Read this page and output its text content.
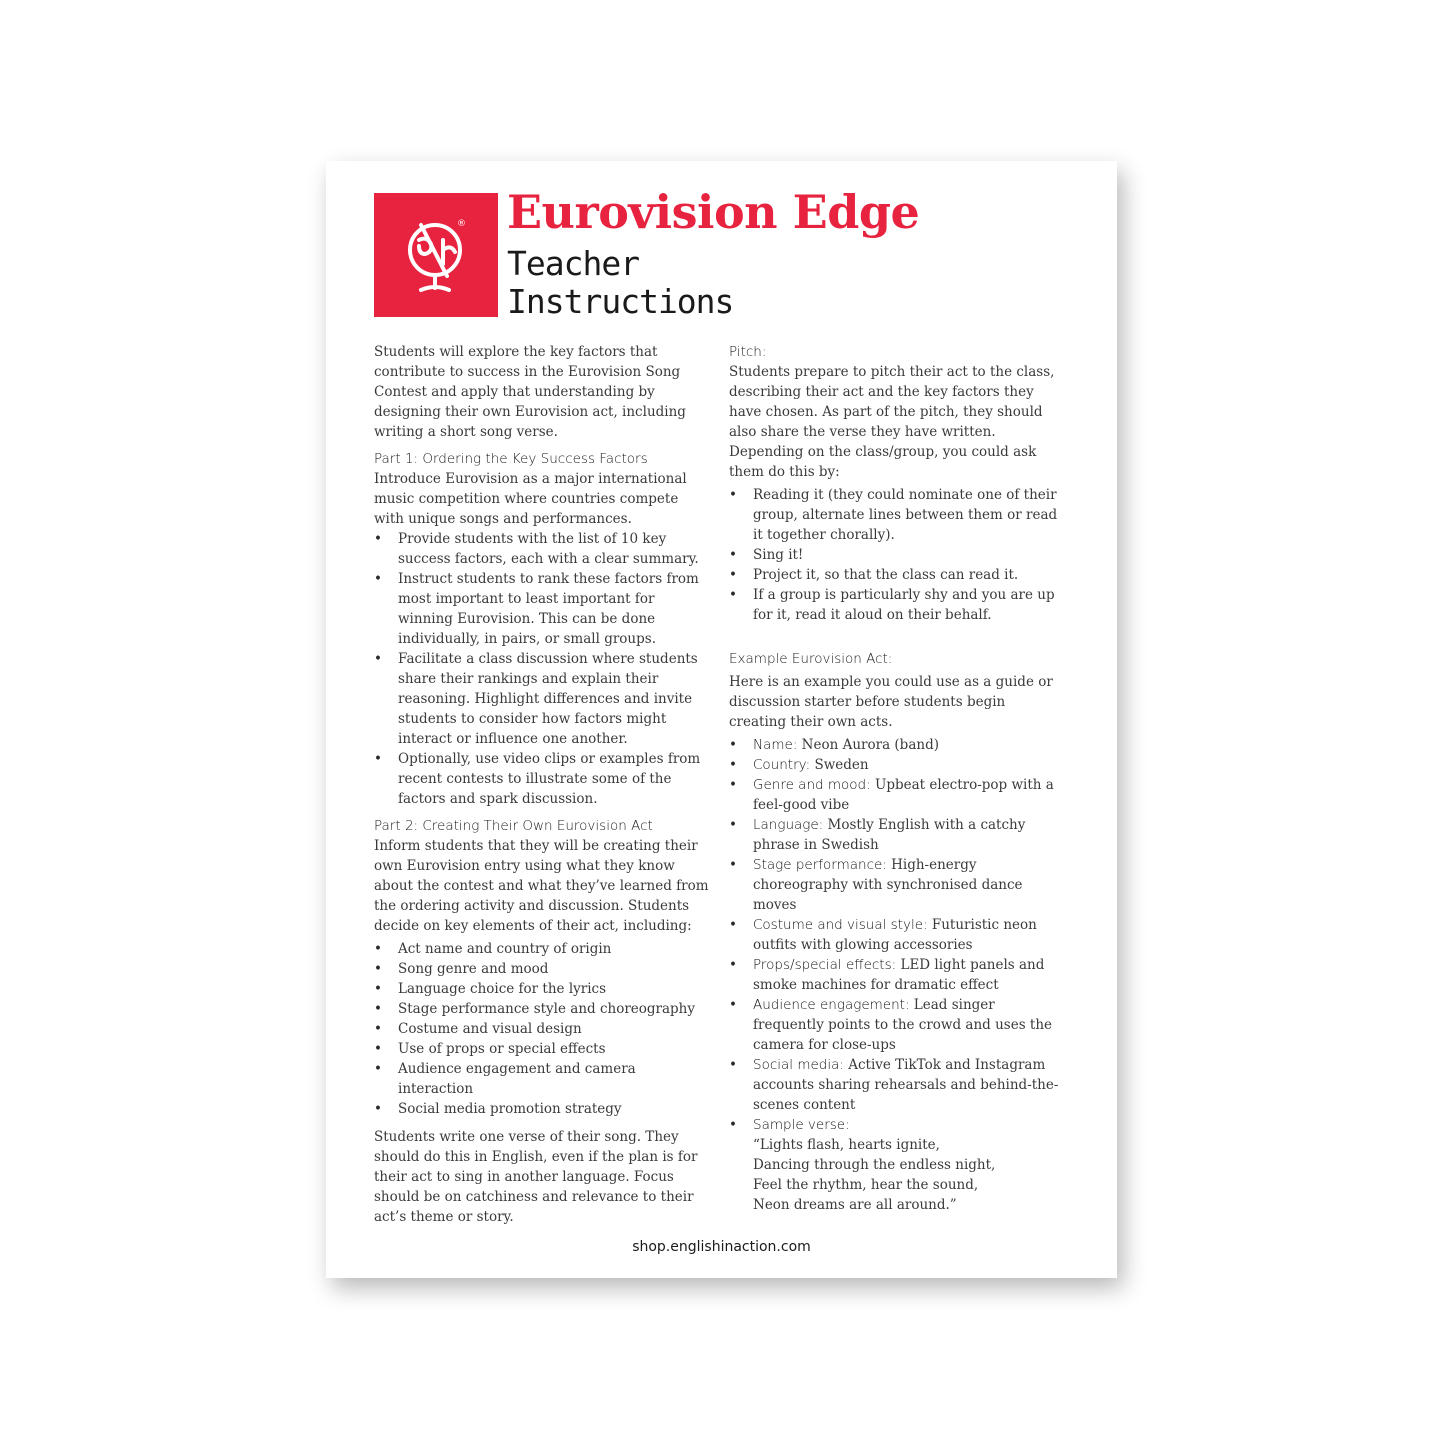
® Eurovision Edge
Teacher
Instructions

Students will explore the key factors that contribute to success in the Eurovision Song Contest and apply that understanding by designing their own Eurovision act, including writing a short song verse.

Part 1: Ordering the Key Success Factors

Introduce Eurovision as a major international music competition where countries compete with unique songs and performances.

• Provide students with the list of 10 key success factors, each with a clear summary.
• Instruct students to rank these factors from most important to least important for winning Eurovision. This can be done individually, in pairs, or small groups.
• Facilitate a class discussion where students share their rankings and explain their reasoning. Highlight differences and invite students to consider how factors might interact or influence one another.
• Optionally, use video clips or examples from recent contests to illustrate some of the factors and spark discussion.

Part 2: Creating Their Own Eurovision Act

Inform students that they will be creating their own Eurovision entry using what they know about the contest and what they’ve learned from the ordering activity and discussion. Students decide on key elements of their act, including:

• Act name and country of origin
• Song genre and mood
• Language choice for the lyrics
• Stage performance style and choreography
• Costume and visual design
• Use of props or special effects
• Audience engagement and camera interaction
• Social media promotion strategy

Students write one verse of their song. They should do this in English, even if the plan is for their act to sing in another language. Focus should be on catchiness and relevance to their act’s theme or story.

Pitch:

Students prepare to pitch their act to the class, describing their act and the key factors they have chosen. As part of the pitch, they should also share the verse they have written. Depending on the class/group, you could ask them do this by:

• Reading it (they could nominate one of their group, alternate lines between them or read it together chorally).
• Sing it!
• Project it, so that the class can read it.
• If a group is particularly shy and you are up for it, read it aloud on their behalf.

Example Eurovision Act:

Here is an example you could use as a guide or discussion starter before students begin creating their own acts.

• Name: Neon Aurora (band)
• Country: Sweden
• Genre and mood: Upbeat electro-pop with a feel-good vibe
• Language: Mostly English with a catchy phrase in Swedish
• Stage performance: High-energy choreography with synchronised dance moves
• Costume and visual style: Futuristic neon outfits with glowing accessories
• Props/special effects: LED light panels and smoke machines for dramatic effect
• Audience engagement: Lead singer frequently points to the crowd and uses the camera for close-ups
• Social media: Active TikTok and Instagram accounts sharing rehearsals and behind-the-scenes content
• Sample verse:
“Lights flash, hearts ignite,
Dancing through the endless night,
Feel the rhythm, hear the sound,
Neon dreams are all around.”
shop.englishinaction.com
